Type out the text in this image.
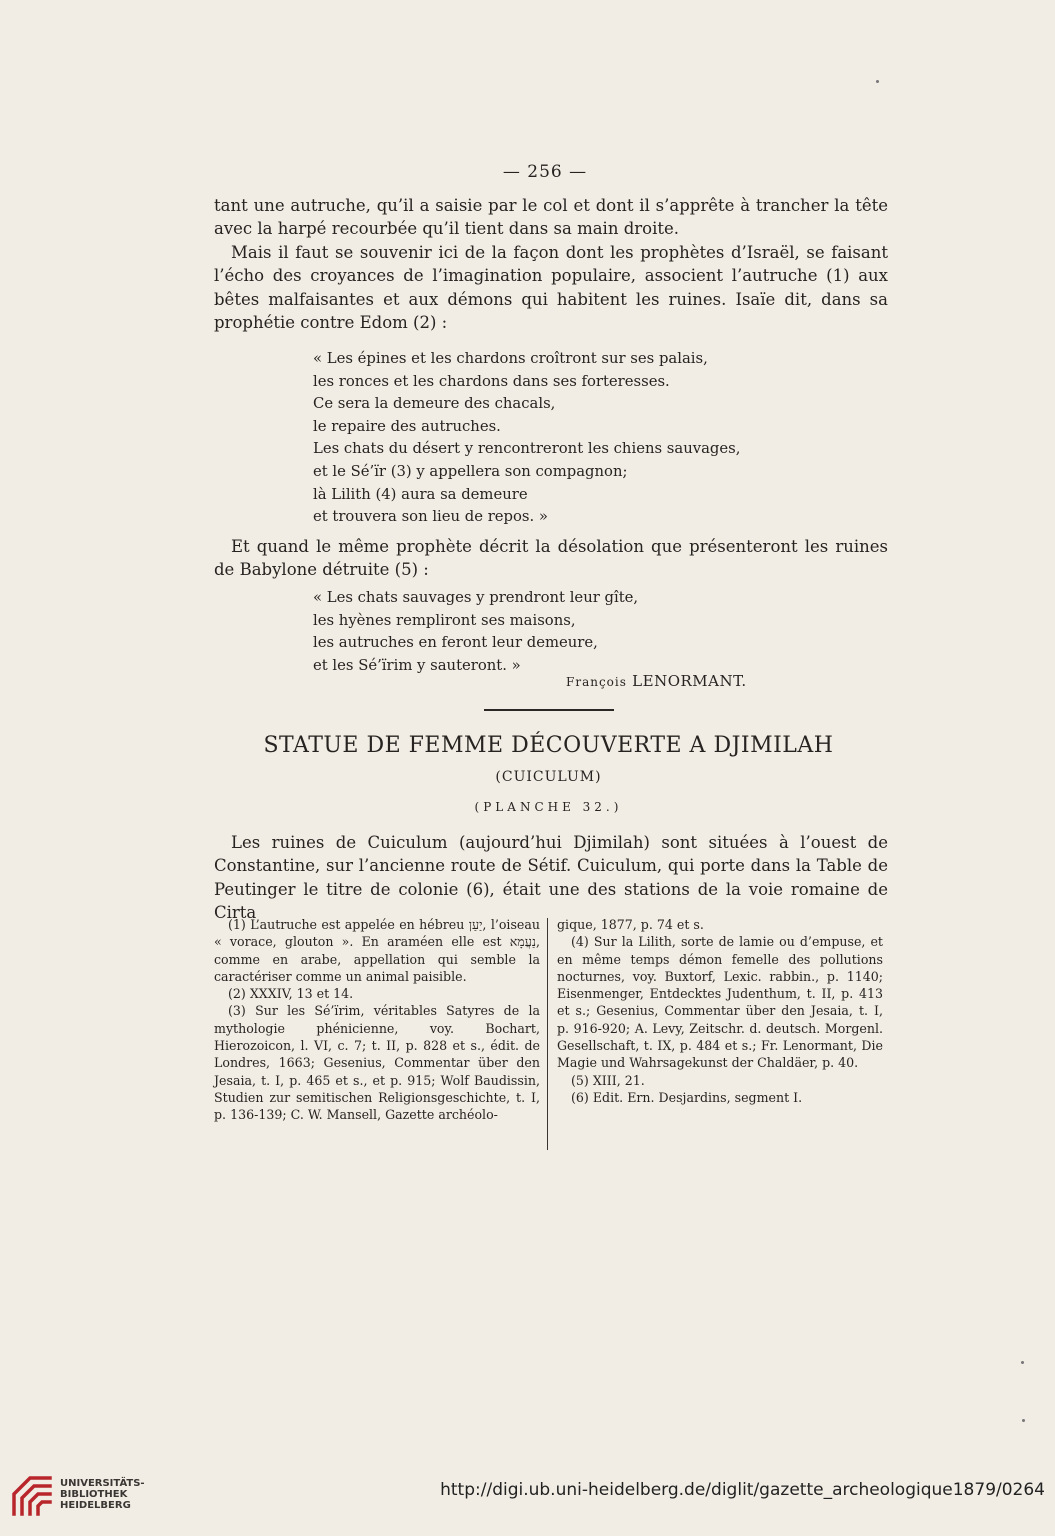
— 256 —

tant une autruche, qu’il a saisie par le col et dont il s’apprête à trancher la tête avec la harpé recourbée qu’il tient dans sa main droite.

Mais il faut se souvenir ici de la façon dont les prophètes d’Israël, se faisant l’écho des croyances de l’imagination populaire, associent l’autruche (1) aux bêtes malfaisantes et aux démons qui habitent les ruines. Isaïe dit, dans sa prophétie contre Edom (2) :

« Les épines et les chardons croîtront sur ses palais,
les ronces et les chardons dans ses forteresses.
Ce sera la demeure des chacals,
le repaire des autruches.
Les chats du désert y rencontreront les chiens sauvages,
et le Sé’ïr (3) y appellera son compagnon;
là Lilith (4) aura sa demeure
et trouvera son lieu de repos. »

Et quand le même prophète décrit la désolation que présenteront les ruines de Babylone détruite (5) :

« Les chats sauvages y prendront leur gîte,
les hyènes rempliront ses maisons,
les autruches en feront leur demeure,
et les Sé’ïrim y sauteront. »
François LENORMANT.
STATUE DE FEMME DÉCOUVERTE A DJIMILAH
(CUICULUM)
(PLANCHE 32.)

Les ruines de Cuiculum (aujourd’hui Djimilah) sont situées à l’ouest de Constantine, sur l’ancienne route de Sétif. Cuiculum, qui porte dans la Table de Peutinger le titre de colonie (6), était une des stations de la voie romaine de Cirta

(1) L’autruche est appelée en hébreu יַעַן, l’oiseau « vorace, glouton ». En araméen elle est נַעֲמָא, comme en arabe, appellation qui semble la caractériser comme un animal paisible.

(2) XXXIV, 13 et 14.

(3) Sur les Sé’ïrim, véritables Satyres de la mythologie phénicienne, voy. Bochart, Hierozoicon, l. VI, c. 7; t. II, p. 828 et s., édit. de Londres, 1663; Gesenius, Commentar über den Jesaia, t. I, p. 465 et s., et p. 915; Wolf Baudissin, Studien zur semitischen Religionsgeschichte, t. I, p. 136-139; C. W. Mansell, Gazette archéolo-

gique, 1877, p. 74 et s.

(4) Sur la Lilith, sorte de lamie ou d’empuse, et en même temps démon femelle des pollutions nocturnes, voy. Buxtorf, Lexic. rabbin., p. 1140; Eisenmenger, Entdecktes Judenthum, t. II, p. 413 et s.; Gesenius, Commentar über den Jesaia, t. I, p. 916-920; A. Levy, Zeitschr. d. deutsch. Morgenl. Gesellschaft, t. IX, p. 484 et s.; Fr. Lenormant, Die Magie und Wahrsagekunst der Chaldäer, p. 40.

(5) XIII, 21.

(6) Edit. Ern. Desjardins, segment I.

UNIVERSITÄTS-
BIBLIOTHEK
HEIDELBERG
http://digi.ub.uni-heidelberg.de/diglit/gazette_archeologique1879/0264
